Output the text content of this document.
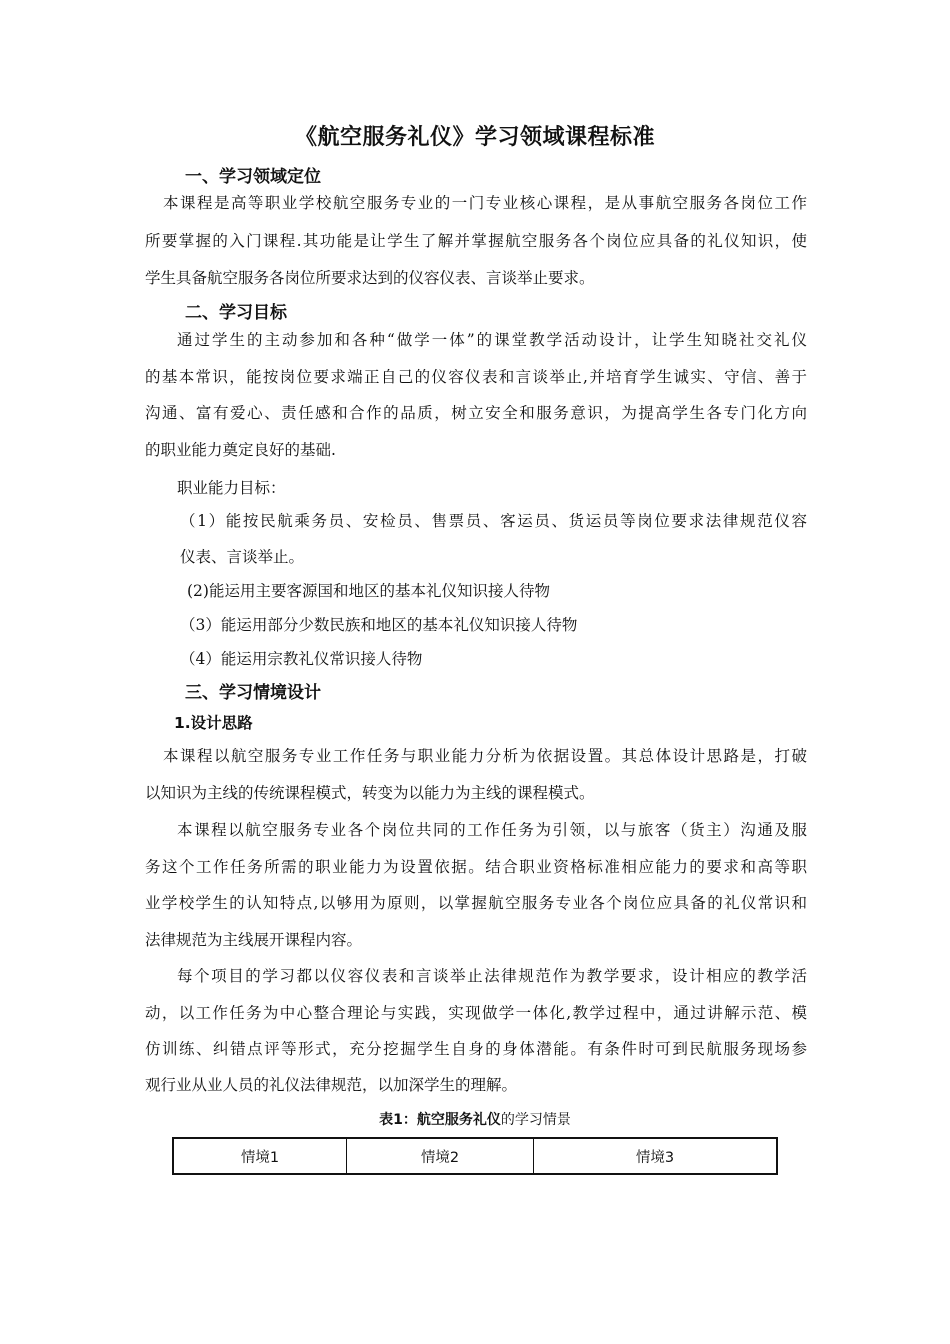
《航空服务礼仪》学习领域课程标准
一、学习领域定位
本课程是高等职业学校航空服务专业的一门专业核心课程，是从事航空服务各岗位工作
所要掌握的入门课程.其功能是让学生了解并掌握航空服务各个岗位应具备的礼仪知识，使
学生具备航空服务各岗位所要求达到的仪容仪表、言谈举止要求。
二、学习目标
通过学生的主动参加和各种“做学一体”的课堂教学活动设计，让学生知晓社交礼仪
的基本常识，能按岗位要求端正自己的仪容仪表和言谈举止,并培育学生诚实、守信、善于
沟通、富有爱心、责任感和合作的品质，树立安全和服务意识，为提高学生各专门化方向
的职业能力奠定良好的基础.
职业能力目标：
（1）能按民航乘务员、安检员、售票员、客运员、货运员等岗位要求法律规范仪容
仪表、言谈举止。
(2)能运用主要客源国和地区的基本礼仪知识接人待物
（3）能运用部分少数民族和地区的基本礼仪知识接人待物
（4）能运用宗教礼仪常识接人待物
三、学习情境设计
1.设计思路
本课程以航空服务专业工作任务与职业能力分析为依据设置。其总体设计思路是，打破
以知识为主线的传统课程模式，转变为以能力为主线的课程模式。
本课程以航空服务专业各个岗位共同的工作任务为引领，以与旅客（货主）沟通及服
务这个工作任务所需的职业能力为设置依据。结合职业资格标准相应能力的要求和高等职
业学校学生的认知特点,以够用为原则，以掌握航空服务专业各个岗位应具备的礼仪常识和
法律规范为主线展开课程内容。
每个项目的学习都以仪容仪表和言谈举止法律规范作为教学要求，设计相应的教学活
动，以工作任务为中心整合理论与实践，实现做学一体化,教学过程中，通过讲解示范、模
仿训练、纠错点评等形式，充分挖掘学生自身的身体潜能。有条件时可到民航服务现场参
观行业从业人员的礼仪法律规范，以加深学生的理解。
表1：航空服务礼仪的学习情景
情境1	情境2	情境3
